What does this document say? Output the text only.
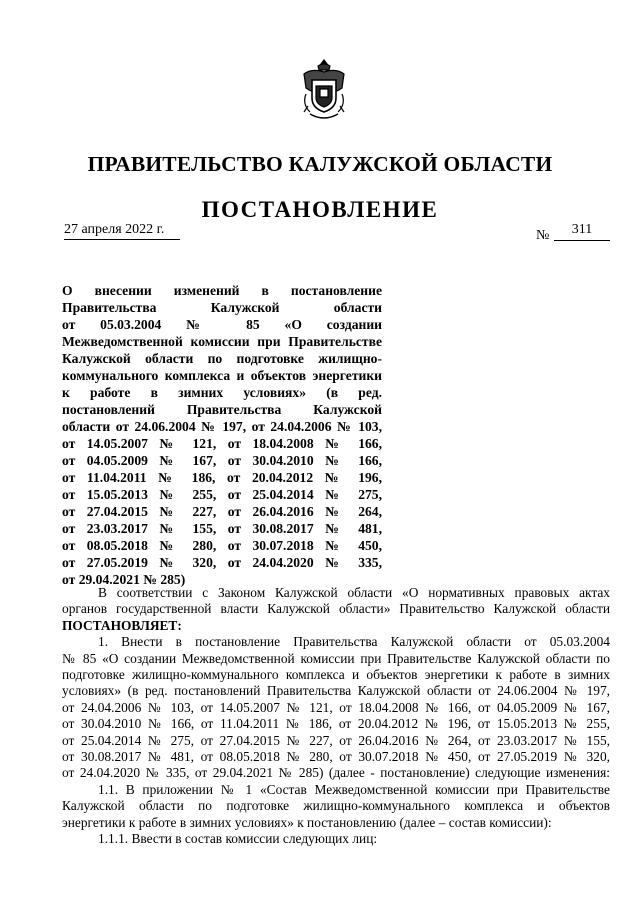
ПРАВИТЕЛЬСТВО КАЛУЖСКОЙ ОБЛАСТИ
ПОСТАНОВЛЕНИЕ
27 апреля 2022 г.	№	311
О внесении изменений в постановление
Правительства Калужской области
от 05.03.2004 № 85 «О создании
Межведомственной комиссии при Правительстве
Калужской области по подготовке жилищно-
коммунального комплекса и объектов энергетики
к работе в зимних условиях» (в ред.
постановлений Правительства Калужской
области от 24.06.2004 № 197, от 24.04.2006 № 103,
от 14.05.2007 № 121, от 18.04.2008 № 166,
от 04.05.2009 № 167, от 30.04.2010 № 166,
от 11.04.2011 № 186, от 20.04.2012 № 196,
от 15.05.2013 № 255, от 25.04.2014 № 275,
от 27.04.2015 № 227, от 26.04.2016 № 264,
от 23.03.2017 № 155, от 30.08.2017 № 481,
от 08.05.2018 № 280, от 30.07.2018 № 450,
от 27.05.2019 № 320, от 24.04.2020 № 335,
от 29.04.2021 № 285)
В соответствии с Законом Калужской области «О нормативных правовых актах
органов государственной власти Калужской области» Правительство Калужской области
ПОСТАНОВЛЯЕТ:
1. Внести в постановление Правительства Калужской области от 05.03.2004
№ 85 «О создании Межведомственной комиссии при Правительстве Калужской области по
подготовке жилищно-коммунального комплекса и объектов энергетики к работе в зимних
условиях» (в ред. постановлений Правительства Калужской области от 24.06.2004 № 197,
от 24.04.2006 № 103, от 14.05.2007 № 121, от 18.04.2008 № 166, от 04.05.2009 № 167,
от 30.04.2010 № 166, от 11.04.2011 № 186, от 20.04.2012 № 196, от 15.05.2013 № 255,
от 25.04.2014 № 275, от 27.04.2015 № 227, от 26.04.2016 № 264, от 23.03.2017 № 155,
от 30.08.2017 № 481, от 08.05.2018 № 280, от 30.07.2018 № 450, от 27.05.2019 № 320,
от 24.04.2020 № 335, от 29.04.2021 № 285) (далее - постановление) следующие изменения:
1.1. В приложении № 1 «Состав Межведомственной комиссии при Правительстве
Калужской области по подготовке жилищно-коммунального комплекса и объектов
энергетики к работе в зимних условиях» к постановлению (далее – состав комиссии):
1.1.1. Ввести в состав комиссии следующих лиц:
